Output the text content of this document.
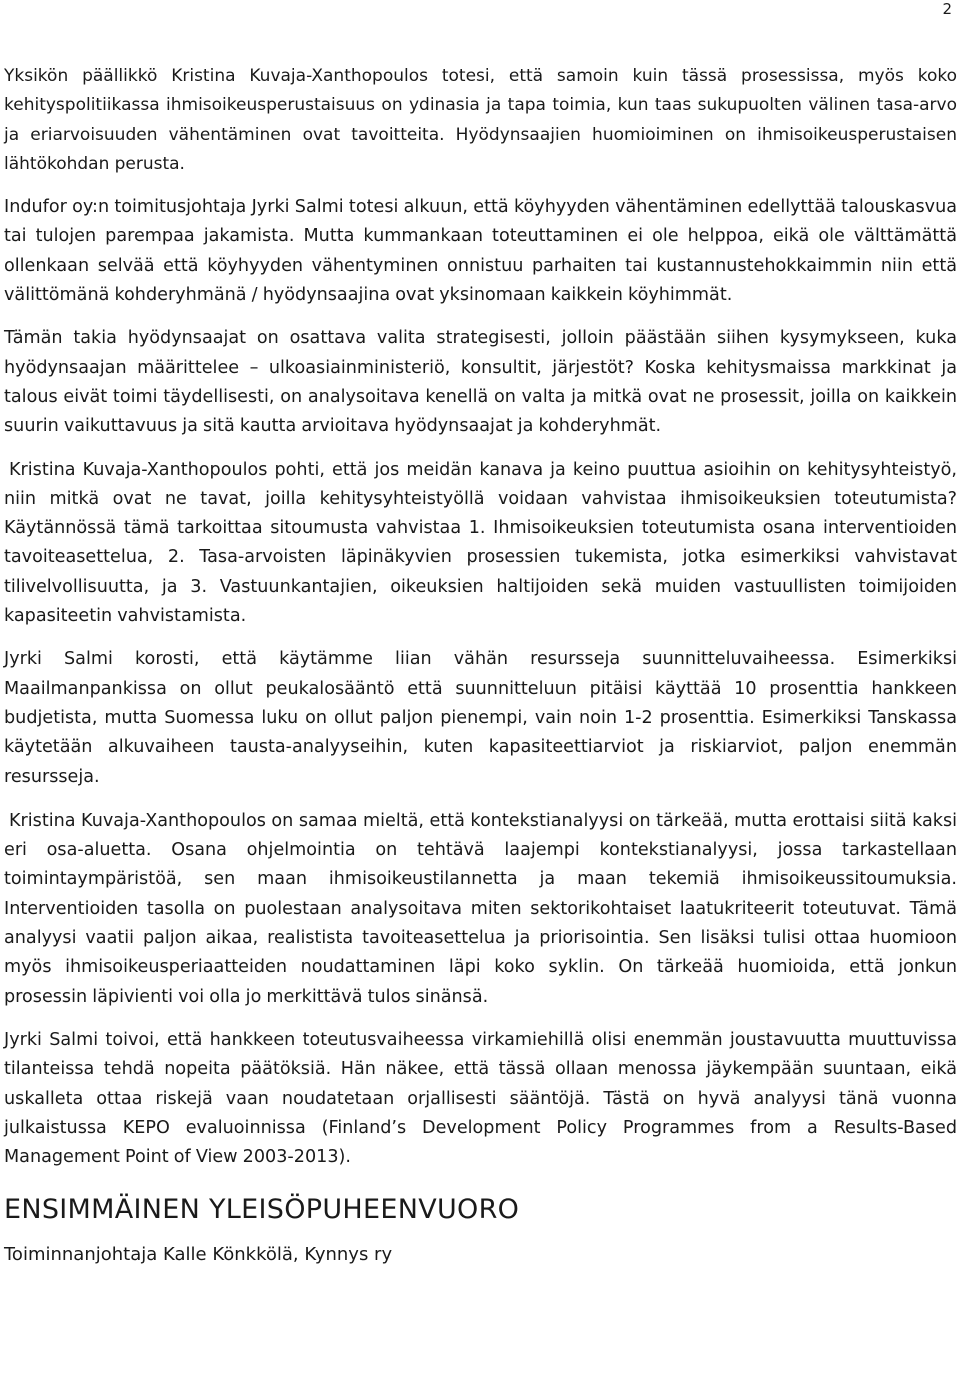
2

Yksikön päällikkö Kristina Kuvaja-Xanthopoulos totesi, että samoin kuin tässä prosessissa, myös koko kehityspolitiikassa ihmisoikeusperustaisuus on ydinasia ja tapa toimia, kun taas sukupuolten välinen tasa-arvo ja eriarvoisuuden vähentäminen ovat tavoitteita. Hyödynsaajien huomioiminen on ihmisoikeusperustaisen lähtökohdan perusta.

Indufor oy:n toimitusjohtaja Jyrki Salmi totesi alkuun, että köyhyyden vähentäminen edellyttää talouskasvua tai tulojen parempaa jakamista. Mutta kummankaan toteuttaminen ei ole helppoa, eikä ole välttämättä ollenkaan selvää että köyhyyden vähentyminen onnistuu parhaiten tai kustannustehokkaimmin niin että välittömänä kohderyhmänä / hyödynsaajina ovat yksinomaan kaikkein köyhimmät.

Tämän takia hyödynsaajat on osattava valita strategisesti, jolloin päästään siihen kysymykseen, kuka hyödynsaajan määrittelee – ulkoasiainministeriö, konsultit, järjestöt? Koska kehitysmaissa markkinat ja talous eivät toimi täydellisesti, on analysoitava kenellä on valta ja mitkä ovat ne prosessit, joilla on kaikkein suurin vaikuttavuus ja sitä kautta arvioitava hyödynsaajat ja kohderyhmät.

Kristina Kuvaja-Xanthopoulos pohti, että jos meidän kanava ja keino puuttua asioihin on kehitysyhteistyö, niin mitkä ovat ne tavat, joilla kehitysyhteistyöllä voidaan vahvistaa ihmisoikeuksien toteutumista? Käytännössä tämä tarkoittaa sitoumusta vahvistaa 1. Ihmisoikeuksien toteutumista osana interventioiden tavoiteasettelua, 2. Tasa-arvoisten läpinäkyvien prosessien tukemista, jotka esimerkiksi vahvistavat tilivelvollisuutta, ja 3. Vastuunkantajien, oikeuksien haltijoiden sekä muiden vastuullisten toimijoiden kapasiteetin vahvistamista.

Jyrki Salmi korosti, että käytämme liian vähän resursseja suunnitteluvaiheessa. Esimerkiksi Maailmanpankissa on ollut peukalosääntö että suunnitteluun pitäisi käyttää 10 prosenttia hankkeen budjetista, mutta Suomessa luku on ollut paljon pienempi, vain noin 1-2 prosenttia. Esimerkiksi Tanskassa käytetään alkuvaiheen tausta-analyyseihin, kuten kapasiteettiarviot ja riskiarviot, paljon enemmän resursseja.

Kristina Kuvaja-Xanthopoulos on samaa mieltä, että kontekstianalyysi on tärkeää, mutta erottaisi siitä kaksi eri osa-aluetta. Osana ohjelmointia on tehtävä laajempi kontekstianalyysi, jossa tarkastellaan toimintaympäristöä, sen maan ihmisoikeustilannetta ja maan tekemiä ihmisoikeussitoumuksia. Interventioiden tasolla on puolestaan analysoitava miten sektorikohtaiset laatukriteerit toteutuvat. Tämä analyysi vaatii paljon aikaa, realistista tavoiteasettelua ja priorisointia. Sen lisäksi tulisi ottaa huomioon myös ihmisoikeusperiaatteiden noudattaminen läpi koko syklin. On tärkeää huomioida, että jonkun prosessin läpivienti voi olla jo merkittävä tulos sinänsä.

Jyrki Salmi toivoi, että hankkeen toteutusvaiheessa virkamiehillä olisi enemmän joustavuutta muuttuvissa tilanteissa tehdä nopeita päätöksiä. Hän näkee, että tässä ollaan menossa jäykempään suuntaan, eikä uskalleta ottaa riskejä vaan noudatetaan orjallisesti sääntöjä. Tästä on hyvä analyysi tänä vuonna julkaistussa KEPO evaluoinnissa (Finland’s Development Policy Programmes from a Results-Based Management Point of View 2003-2013).

ENSIMMÄINEN YLEISÖPUHEENVUORO
Toiminnanjohtaja Kalle Könkkölä, Kynnys ry
